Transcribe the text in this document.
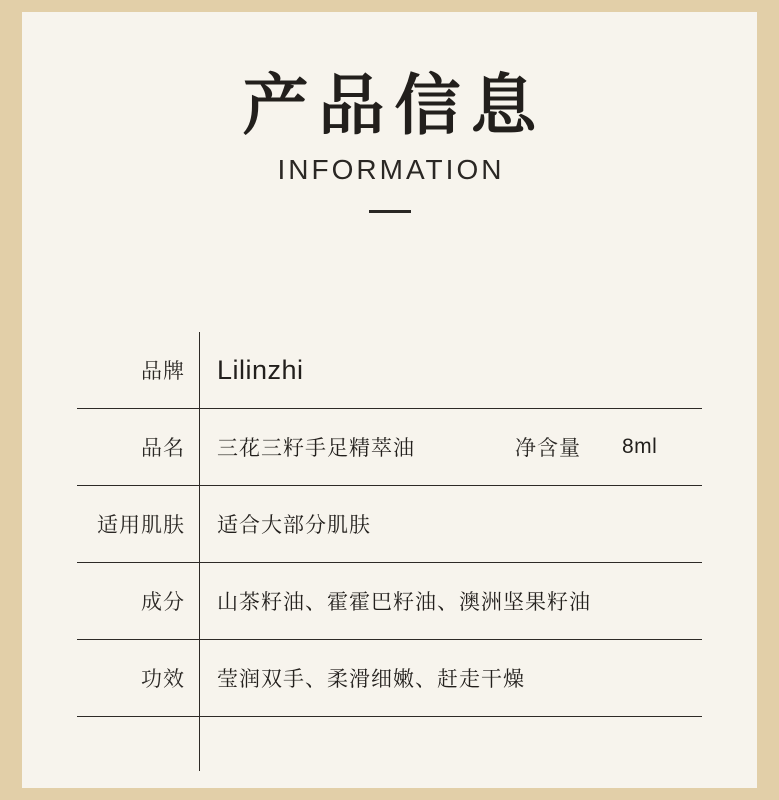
产品信息
INFORMATION
品牌	Lilinzhi
品名	三花三籽手足精萃油	净含量 8ml
适用肌肤	适合大部分肌肤
成分	山茶籽油、霍霍巴籽油、澳洲坚果籽油
功效	莹润双手、柔滑细嫩、赶走干燥
